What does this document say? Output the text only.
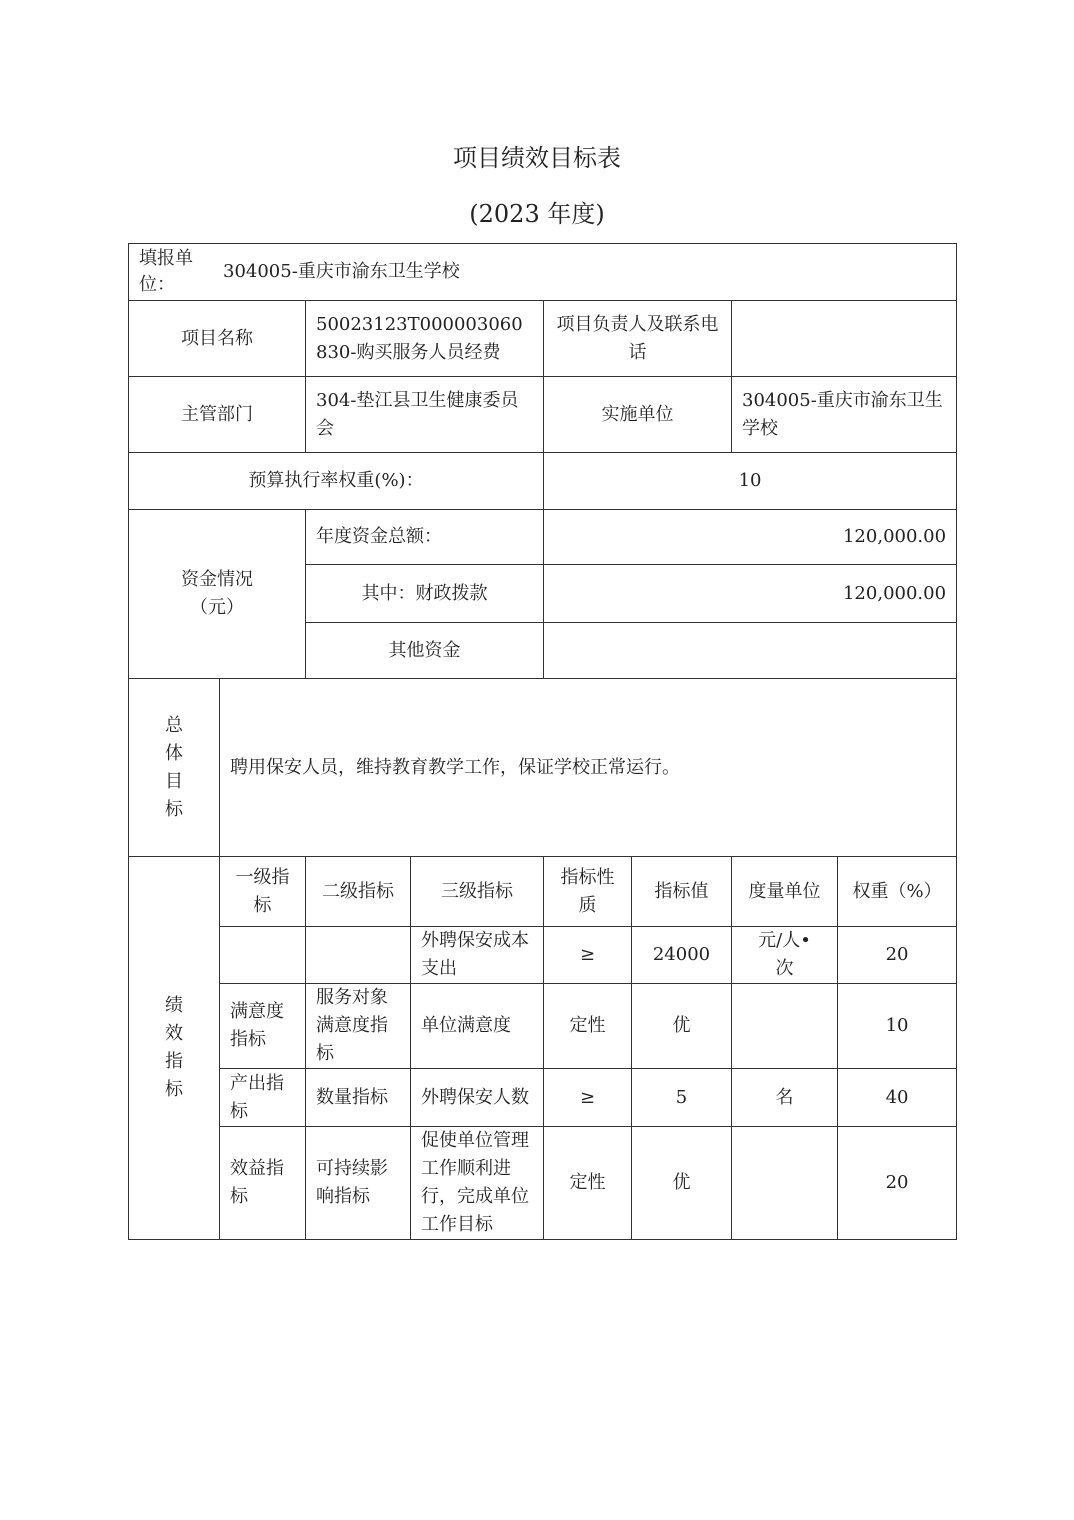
项目绩效目标表
(2023 年度)
填报单位：304005-重庆市渝东卫生学校							
项目名称		50023123T000003060830-购买服务人员经费		项目负责人及联系电话			
主管部门		304-垫江县卫生健康委员会		实施单位		304005-重庆市渝东卫生学校	
预算执行率权重(%)：				10			
资金情况（元）		年度资金总额：		120,000.00			
		其中：财政拨款		120,000.00			
		其他资金					

总
体
目
标	聘用保安人员，维持教育教学工作，保证学校正常运行。						

绩
效
指
标	一级指标	二级指标	三级指标	指标性质	指标值	度量单位	权重（%）
			外聘保安成本支出	≥	24000	元/人•次	20
	满意度指标	服务对象满意度指标	单位满意度	定性	优		10
	产出指标	数量指标	外聘保安人数	≥	5	名	40
	效益指标	可持续影响指标	促使单位管理工作顺利进行，完成单位工作目标	定性	优		20
